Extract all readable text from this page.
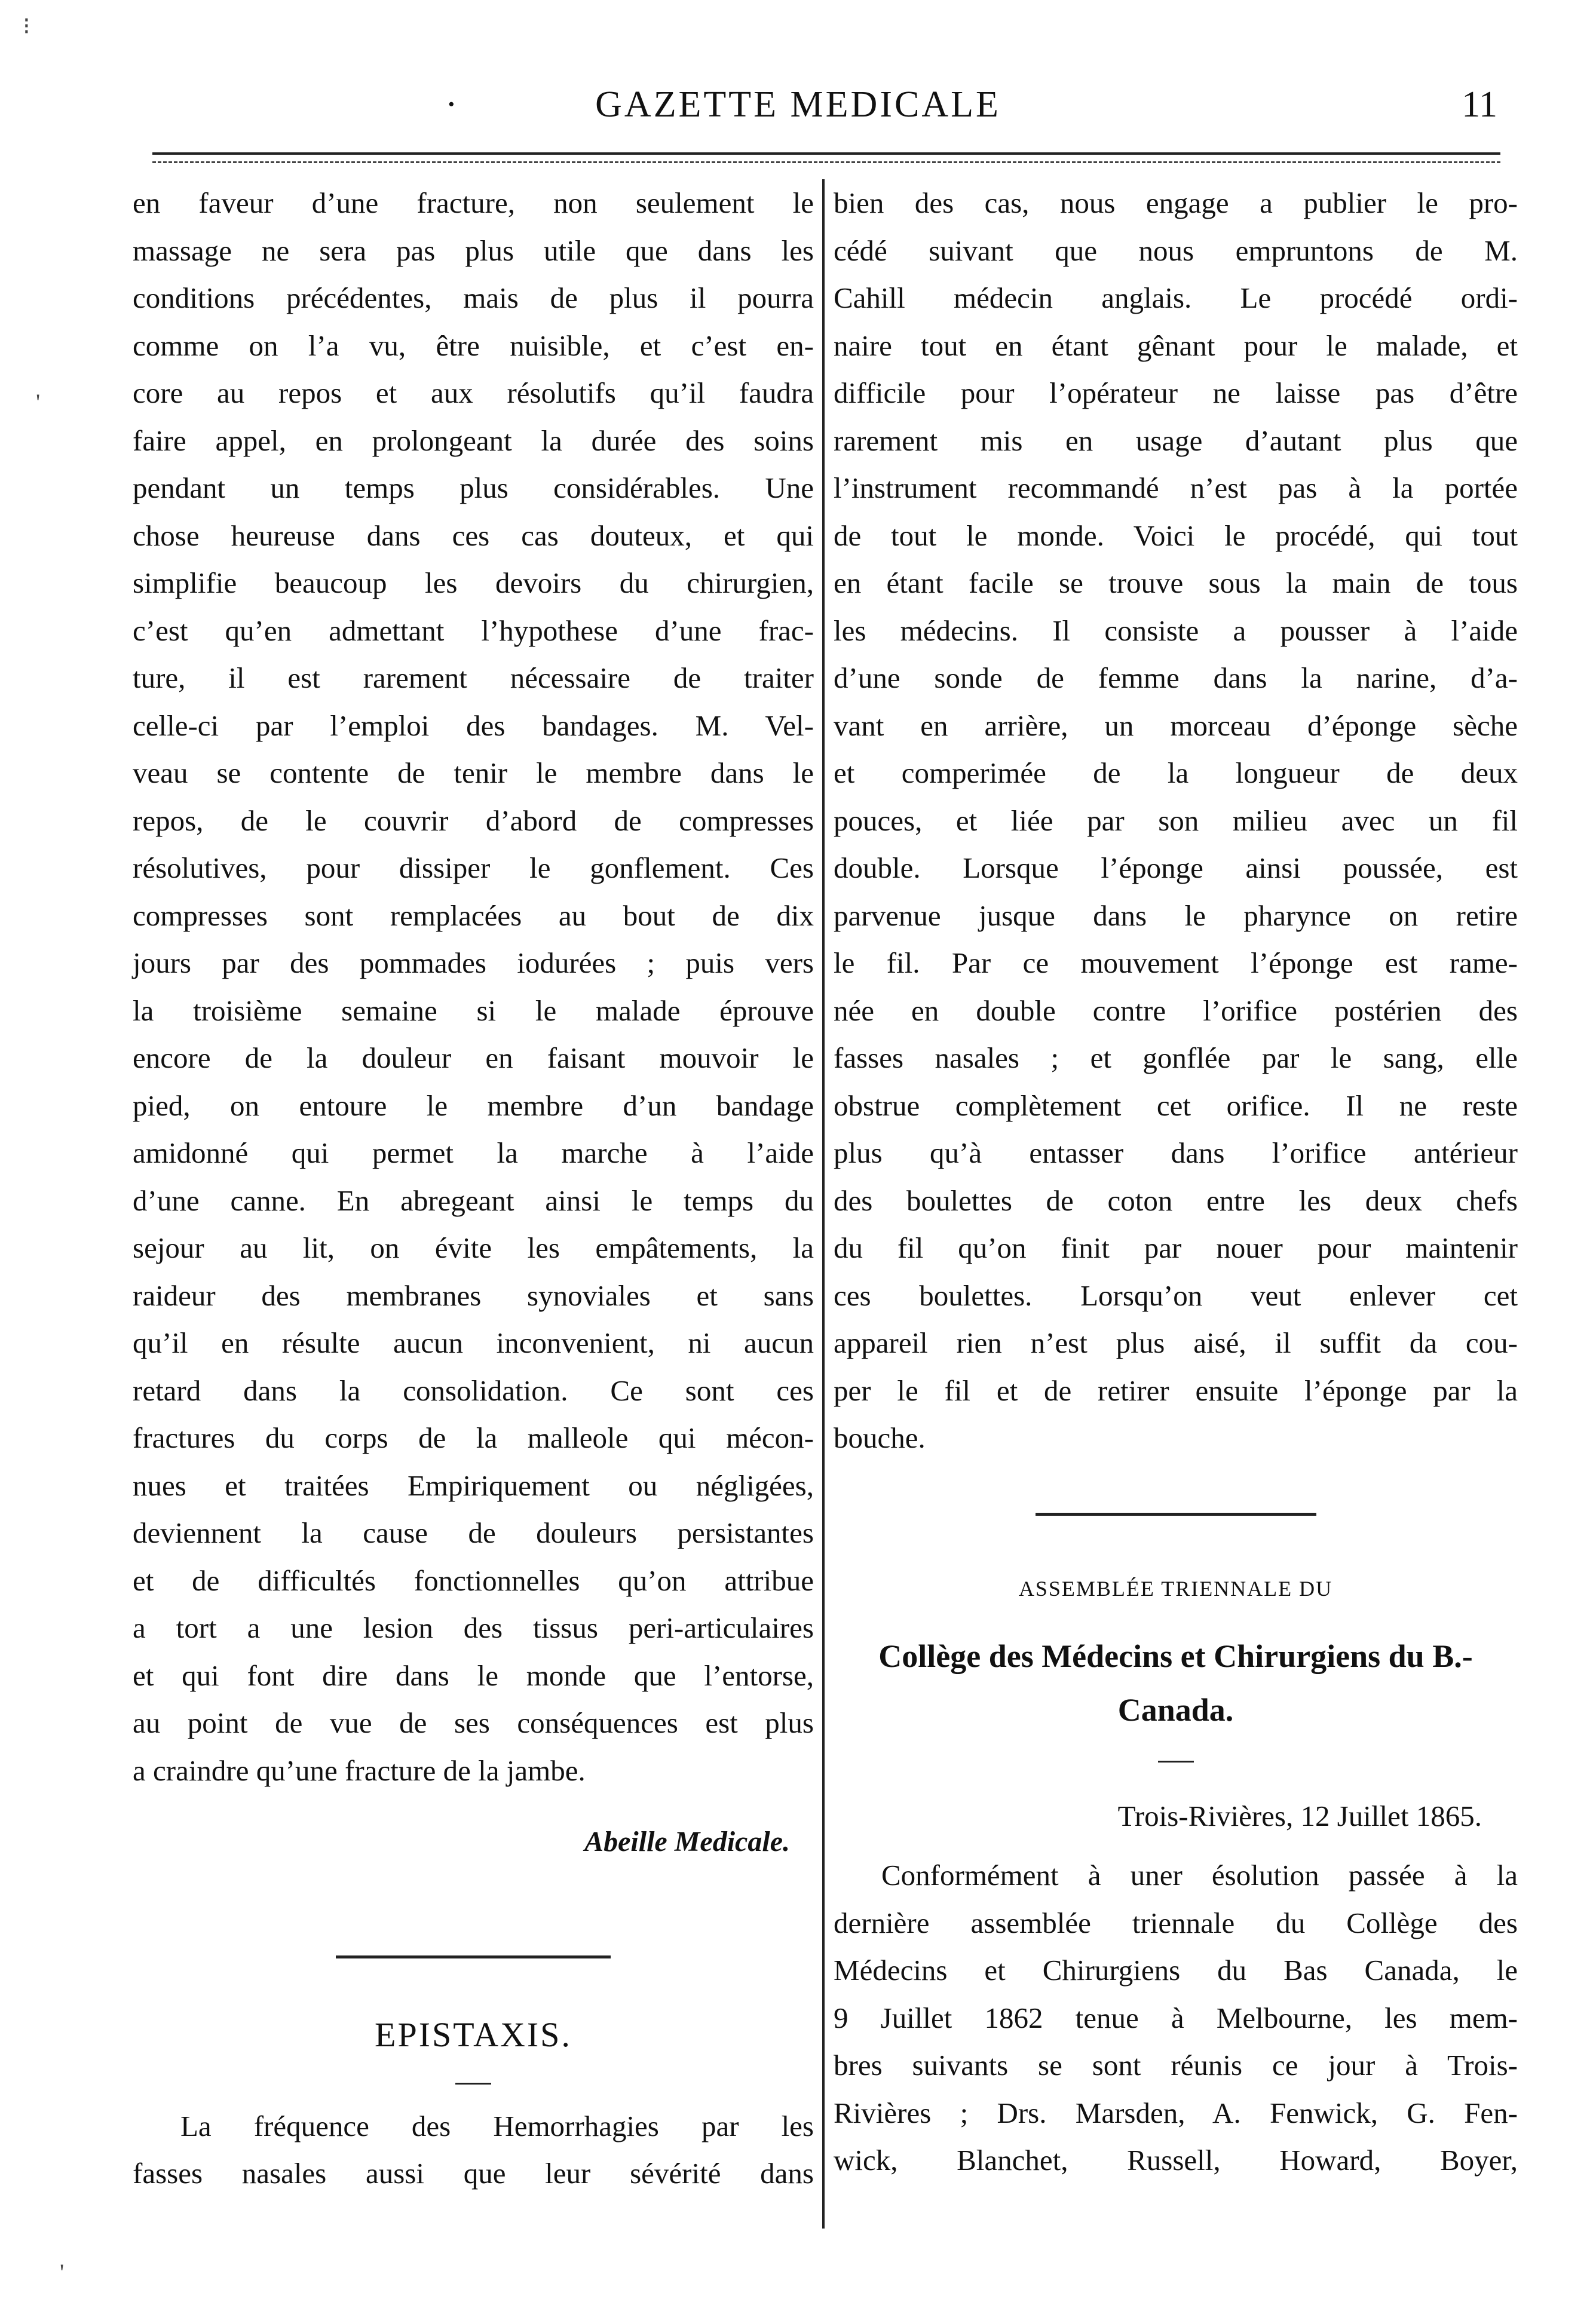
·	GAZETTE MEDICALE	11
en faveur d’une fracture, non seulement le
massage ne sera pas plus utile que dans les
conditions précédentes, mais de plus il pourra
comme on l’a vu, être nuisible, et c’est en-
core au repos et aux résolutifs qu’il faudra
faire appel, en prolongeant la durée des soins
pendant un temps plus considérables. Une
chose heureuse dans ces cas douteux, et qui
simplifie beaucoup les devoirs du chirurgien,
c’est qu’en admettant l’hypothese d’une frac-
ture, il est rarement nécessaire de traiter
celle-ci par l’emploi des bandages. M. Vel-
veau se contente de tenir le membre dans le
repos, de le couvrir d’abord de compresses
résolutives, pour dissiper le gonflement. Ces
compresses sont remplacées au bout de dix
jours par des pommades iodurées ; puis vers
la troisième semaine si le malade éprouve
encore de la douleur en faisant mouvoir le
pied, on entoure le membre d’un bandage
amidonné qui permet la marche à l’aide
d’une canne. En abregeant ainsi le temps du
sejour au lit, on évite les empâtements, la
raideur des membranes synoviales et sans
qu’il en résulte aucun inconvenient, ni aucun
retard dans la consolidation. Ce sont ces
fractures du corps de la malleole qui mécon-
nues et traitées Empiriquement ou négligées,
deviennent la cause de douleurs persistantes
et de difficultés fonctionnelles qu’on attribue
a tort a une lesion des tissus peri-articulaires
et qui font dire dans le monde que l’entorse,
au point de vue de ses conséquences est plus
a craindre qu’une fracture de la jambe.
Abeille Medicale.
EPISTAXIS.
La fréquence des Hemorrhagies par les
fasses nasales aussi que leur sévérité dans
bien des cas, nous engage a publier le pro-
cédé suivant que nous empruntons de M.
Cahill médecin anglais. Le procédé ordi-
naire tout en étant gênant pour le malade, et
difficile pour l’opérateur ne laisse pas d’être
rarement mis en usage d’autant plus que
l’instrument recommandé n’est pas à la portée
de tout le monde. Voici le procédé, qui tout
en étant facile se trouve sous la main de tous
les médecins. Il consiste a pousser à l’aide
d’une sonde de femme dans la narine, d’a-
vant en arrière, un morceau d’éponge sèche
et comperimée de la longueur de deux
pouces, et liée par son milieu avec un fil
double. Lorsque l’éponge ainsi poussée, est
parvenue jusque dans le pharynce on retire
le fil. Par ce mouvement l’éponge est rame-
née en double contre l’orifice postérien des
fasses nasales ; et gonflée par le sang, elle
obstrue complètement cet orifice. Il ne reste
plus qu’à entasser dans l’orifice antérieur
des boulettes de coton entre les deux chefs
du fil qu’on finit par nouer pour maintenir
ces boulettes. Lorsqu’on veut enlever cet
appareil rien n’est plus aisé, il suffit da cou-
per le fil et de retirer ensuite l’éponge par la
bouche.
ASSEMBLÉE TRIENNALE DU
Collège des Médecins et Chirurgiens du B.-Canada.
Trois-Rivières, 12 Juillet 1865.
Conformément à uner ésolution passée à la
dernière assemblée triennale du Collège des
Médecins et Chirurgiens du Bas Canada, le
9 Juillet 1862 tenue à Melbourne, les mem-
bres suivants se sont réunis ce jour à Trois-
Rivières ; Drs. Marsden, A. Fenwick, G. Fen-
wick, Blanchet, Russell, Howard, Boyer,
⁝
'
'
